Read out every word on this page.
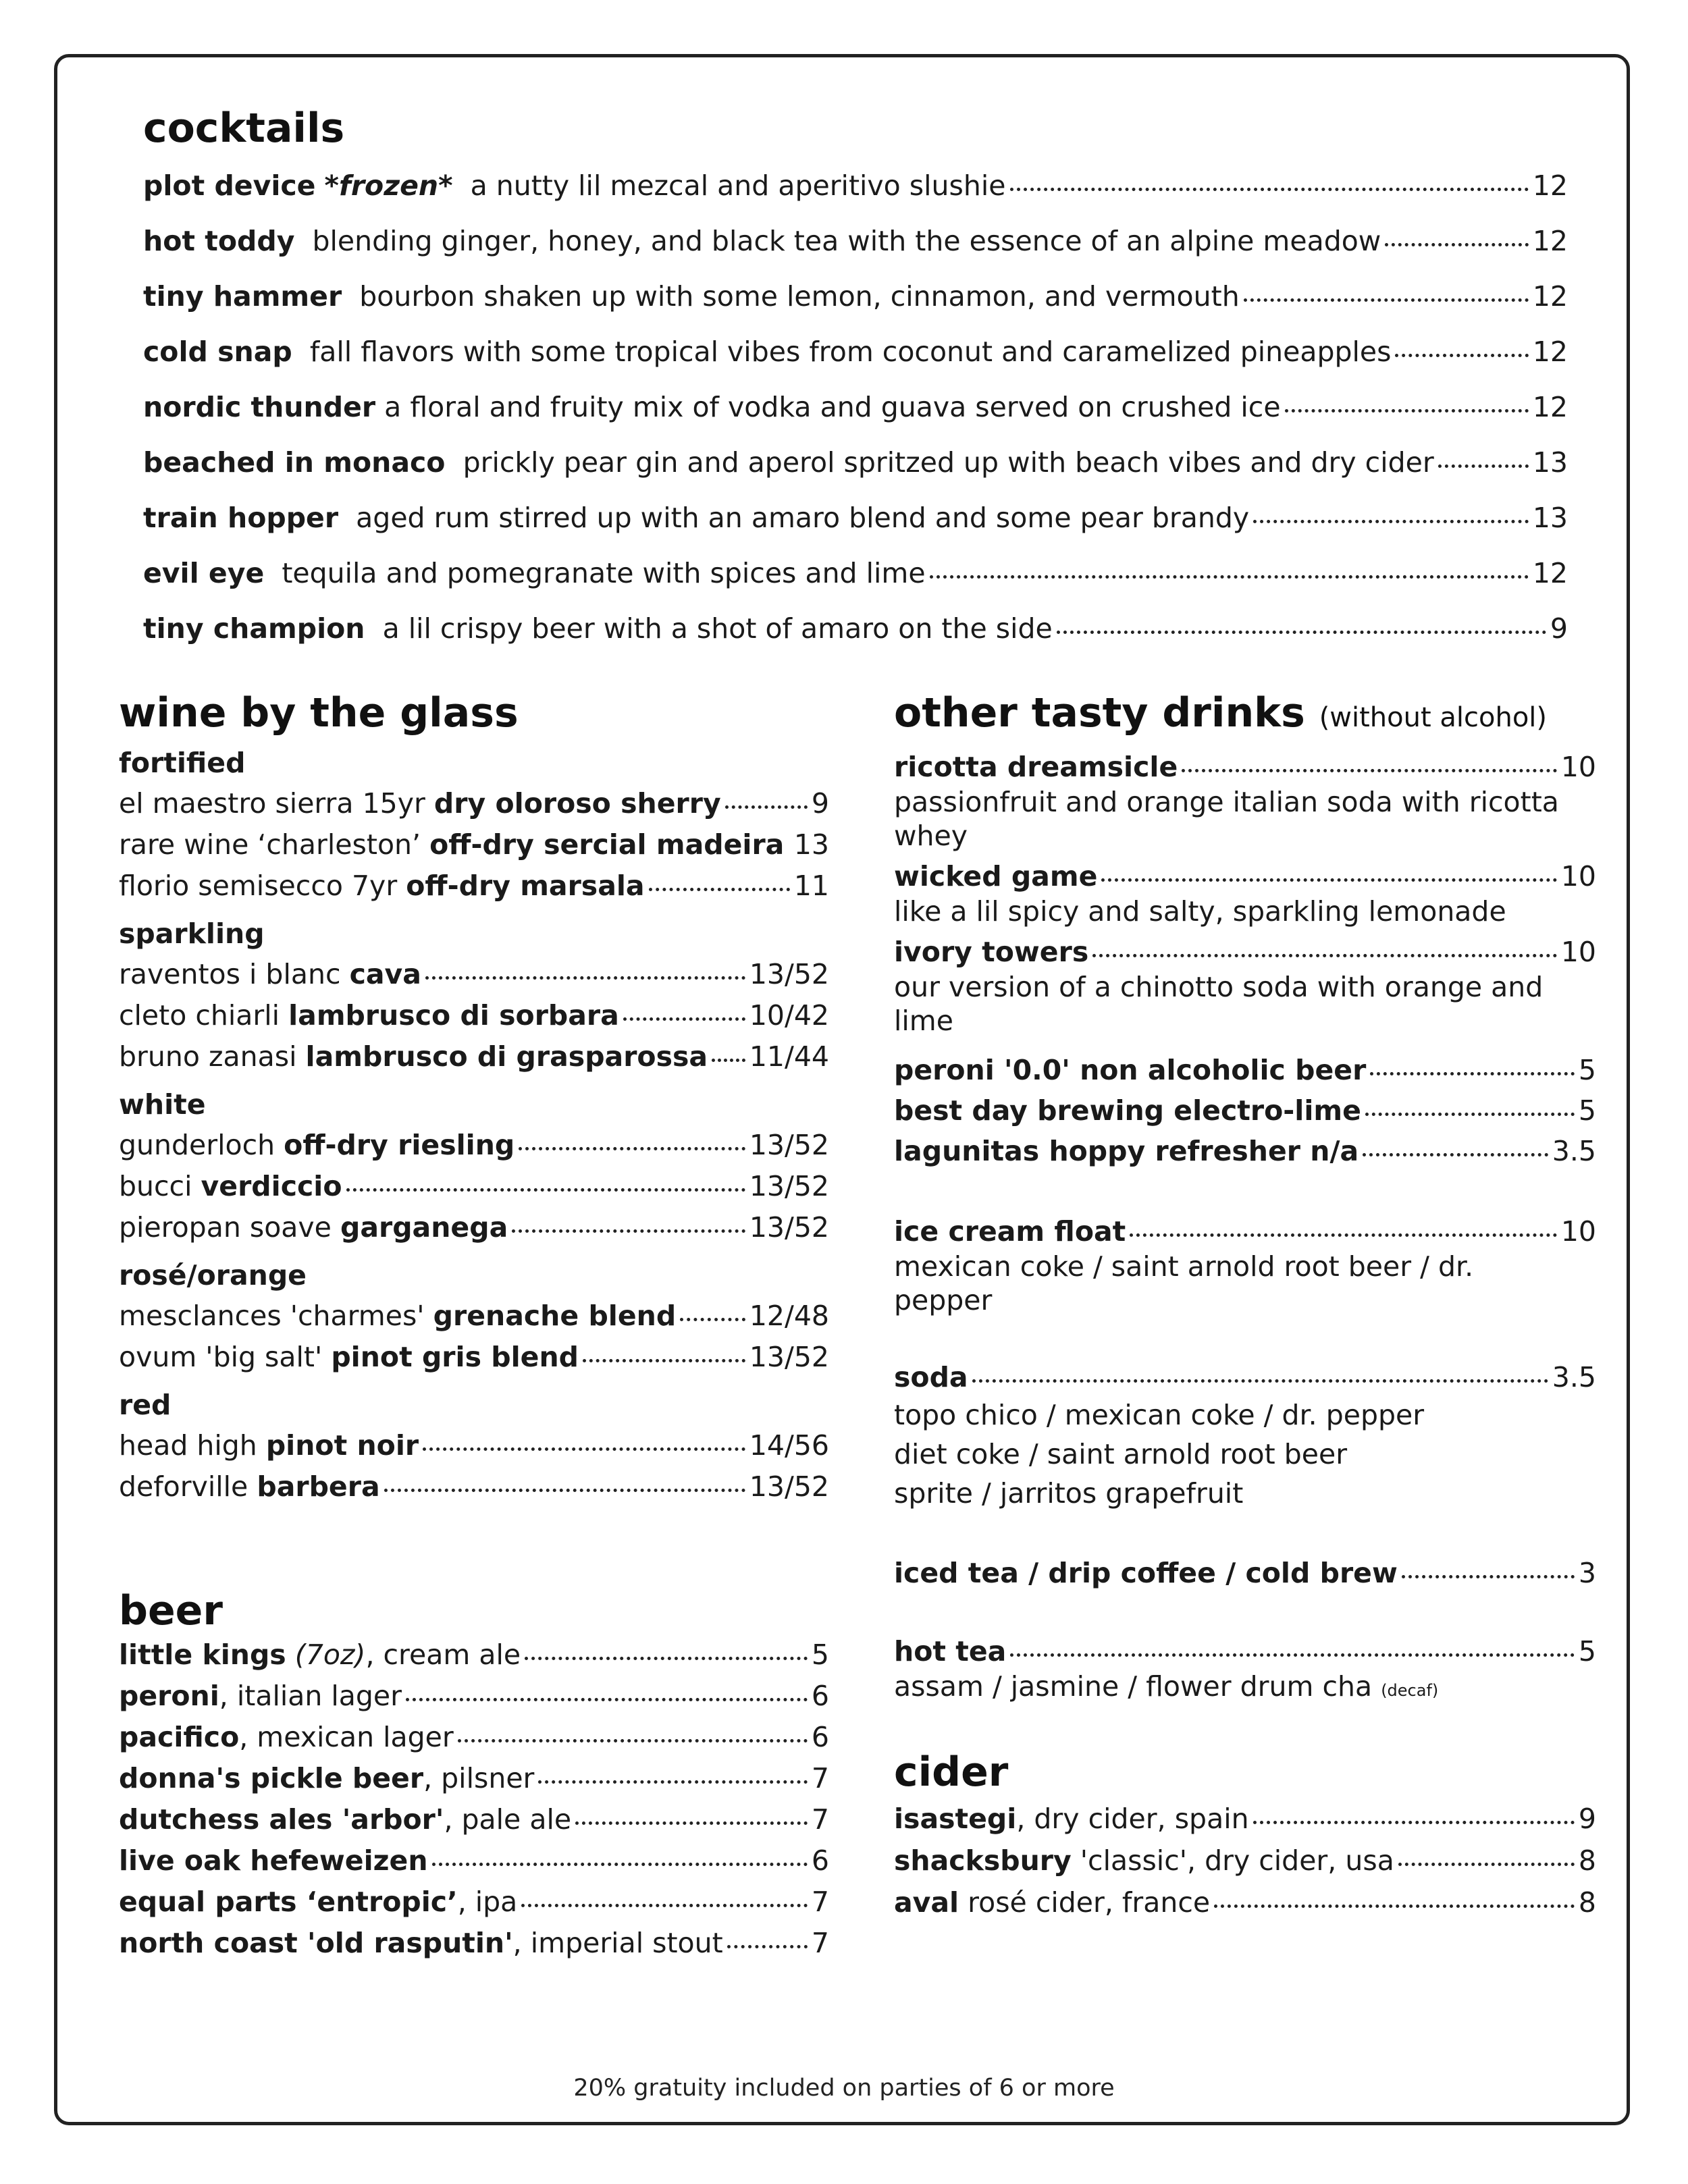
cocktails
plot device *frozen* a nutty lil mezcal and aperitivo slushie	12
hot toddy blending ginger, honey, and black tea with the essence of an alpine meadow	12
tiny hammer bourbon shaken up with some lemon, cinnamon, and vermouth	12
cold snap fall flavors with some tropical vibes from coconut and caramelized pineapples	12
nordic thunder a floral and fruity mix of vodka and guava served on crushed ice	12
beached in monaco prickly pear gin and aperol spritzed up with beach vibes and dry cider	13
train hopper aged rum stirred up with an amaro blend and some pear brandy	13
evil eye tequila and pomegranate with spices and lime	12
tiny champion a lil crispy beer with a shot of amaro on the side	9
wine by the glass
fortified
el maestro sierra 15yr dry oloroso sherry	9
rare wine ‘charleston’ off-dry sercial madeira 13
florio semisecco 7yr off-dry marsala	11
sparkling
raventos i blanc cava	13/52
cleto chiarli lambrusco di sorbara	10/42
bruno zanasi lambrusco di grasparossa 11/44
white
gunderloch off-dry riesling	13/52
bucci verdiccio	13/52
pieropan soave garganega	13/52
rosé/orange
mesclances 'charmes' grenache blend	12/48
ovum 'big salt' pinot gris blend	13/52
red
head high pinot noir	14/56
deforville barbera	13/52
beer
little kings (7oz), cream ale	5
peroni, italian lager	6
pacifico, mexican lager	6
donna's pickle beer, pilsner	7
dutchess ales 'arbor', pale ale	7
live oak hefeweizen	6
equal parts ‘entropic’, ipa	7
north coast 'old rasputin', imperial stout	7
other tasty drinks (without alcohol)
ricotta dreamsicle	10
passionfruit and orange italian soda with ricotta whey
wicked game	10
like a lil spicy and salty, sparkling lemonade
ivory towers	10
our version of a chinotto soda with orange and lime
peroni '0.0' non alcoholic beer	5
best day brewing electro-lime	5
lagunitas hoppy refresher n/a	3.5
ice cream float	10
mexican coke / saint arnold root beer / dr. pepper
soda	3.5
topo chico / mexican coke / dr. pepper
diet coke / saint arnold root beer
sprite / jarritos grapefruit
iced tea / drip coffee / cold brew	3
hot tea	5
assam / jasmine / flower drum cha (decaf)
cider
isastegi, dry cider, spain	9
shacksbury 'classic', dry cider, usa	8
aval rosé cider, france	8
20% gratuity included on parties of 6 or more
